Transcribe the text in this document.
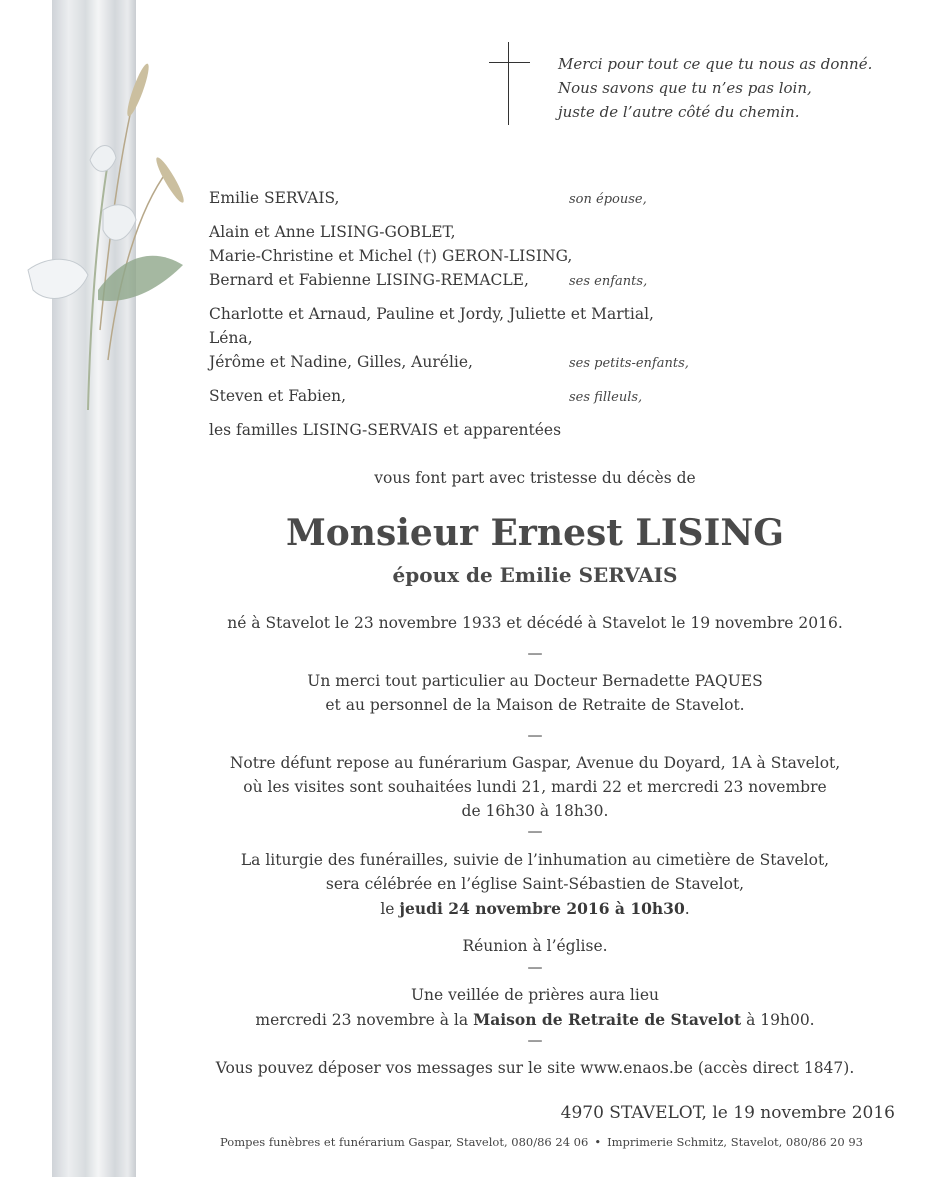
Merci pour tout ce que tu nous as donné.
Nous savons que tu n’es pas loin,
juste de l’autre côté du chemin.
Emilie SERVAIS,	son épouse,
Alain et Anne LISING-GOBLET,
Marie-Christine et Michel (†) GERON-LISING,
Bernard et Fabienne LISING-REMACLE,	ses enfants,
Charlotte et Arnaud, Pauline et Jordy, Juliette et Martial,
Léna,
Jérôme et Nadine, Gilles, Aurélie,	ses petits-enfants,
Steven et Fabien,	ses filleuls,
les familles LISING-SERVAIS et apparentées
vous font part avec tristesse du décès de
Monsieur Ernest LISING
époux de Emilie SERVAIS
né à Stavelot le 23 novembre 1933 et décédé à Stavelot le 19 novembre 2016.
—
Un merci tout particulier au Docteur Bernadette PAQUES
et au personnel de la Maison de Retraite de Stavelot.
—
Notre défunt repose au funérarium Gaspar, Avenue du Doyard, 1A à Stavelot,
où les visites sont souhaitées lundi 21, mardi 22 et mercredi 23 novembre
de 16h30 à 18h30.
—
La liturgie des funérailles, suivie de l’inhumation au cimetière de Stavelot,
sera célébrée en l’église Saint-Sébastien de Stavelot,
le jeudi 24 novembre 2016 à 10h30.
Réunion à l’église.
—
Une veillée de prières aura lieu
mercredi 23 novembre à la Maison de Retraite de Stavelot à 19h00.
—
Vous pouvez déposer vos messages sur le site www.enaos.be (accès direct 1847).
4970 STAVELOT, le 19 novembre 2016
Pompes funèbres et funérarium Gaspar, Stavelot, 080/86 24 06 • Imprimerie Schmitz, Stavelot, 080/86 20 93
